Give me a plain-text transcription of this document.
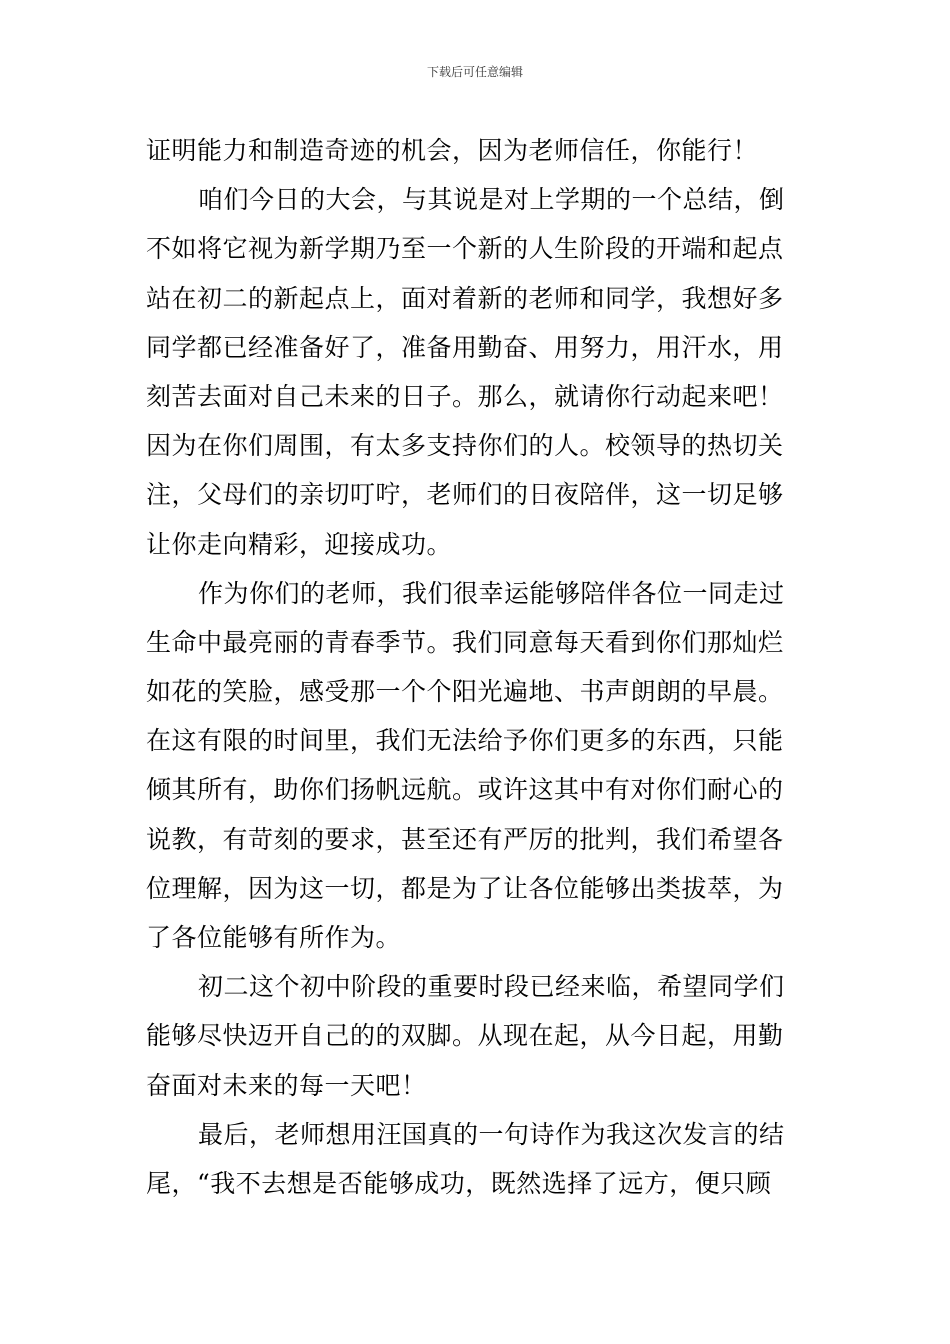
下载后可任意编辑
证明能力和制造奇迹的机会，因为老师信任，你能行！
咱们今日的大会，与其说是对上学期的一个总结，倒
不如将它视为新学期乃至一个新的人生阶段的开端和起点
站在初二的新起点上，面对着新的老师和同学，我想好多
同学都已经准备好了，准备用勤奋、用努力，用汗水，用
刻苦去面对自己未来的日子。那么，就请你行动起来吧！
因为在你们周围，有太多支持你们的人。校领导的热切关
注，父母们的亲切叮咛，老师们的日夜陪伴，这一切足够
让你走向精彩，迎接成功。
作为你们的老师，我们很幸运能够陪伴各位一同走过
生命中最亮丽的青春季节。我们同意每天看到你们那灿烂
如花的笑脸，感受那一个个阳光遍地、书声朗朗的早晨。
在这有限的时间里，我们无法给予你们更多的东西，只能
倾其所有，助你们扬帆远航。或许这其中有对你们耐心的
说教，有苛刻的要求，甚至还有严厉的批判，我们希望各
位理解，因为这一切，都是为了让各位能够出类拔萃，为
了各位能够有所作为。
初二这个初中阶段的重要时段已经来临，希望同学们
能够尽快迈开自己的的双脚。从现在起，从今日起，用勤
奋面对未来的每一天吧！
最后，老师想用汪国真的一句诗作为我这次发言的结
尾，“我不去想是否能够成功，既然选择了远方，便只顾
